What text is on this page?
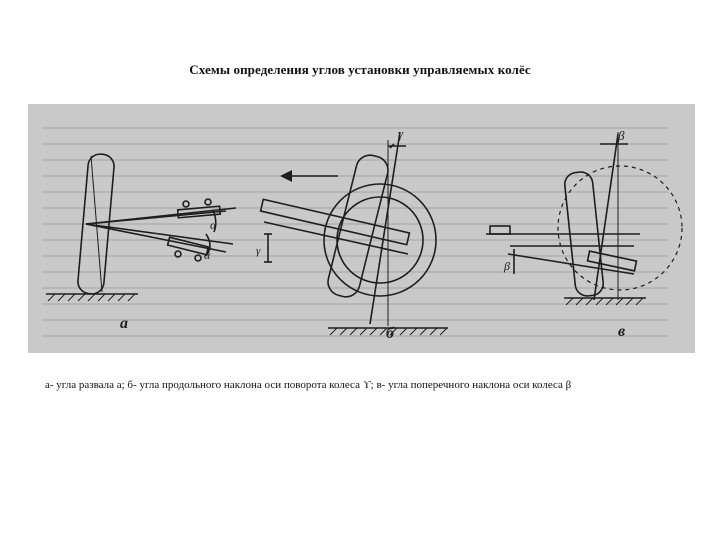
Схемы определения углов установки управляемых колёс
α
α
а
γ
γ
б
β
β
в
а- угла развала а; б- угла продольного наклона оси поворота колеса ϒ; в- угла поперечного наклона оси колеса β
